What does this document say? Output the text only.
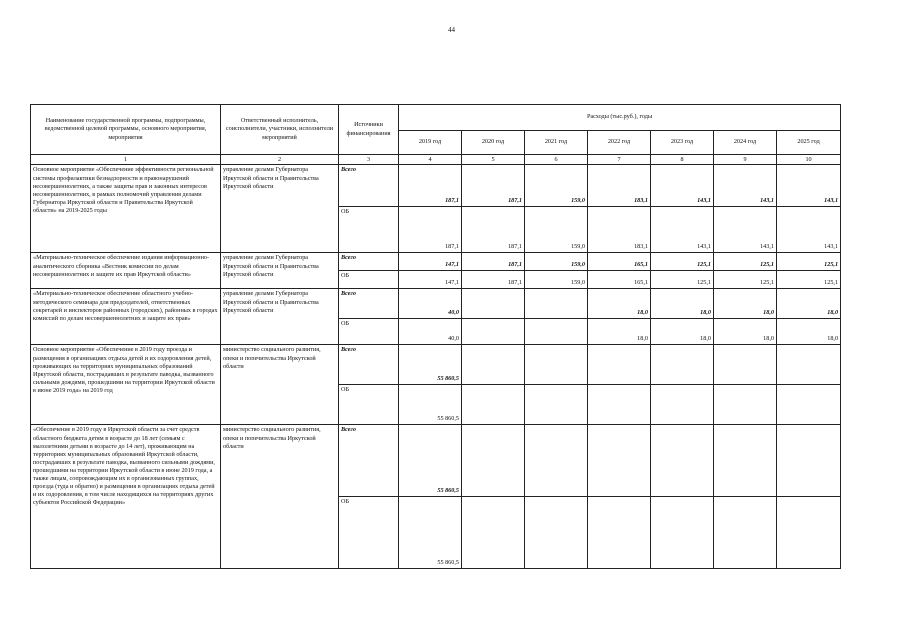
44
Наименование государственной программы, подпрограммы, ведомственной целевой программы, основного мероприятия, мероприятия	Ответственный исполнитель, соисполнители, участники, исполнители мероприятий	Источники финансирования	Расходы (тыс.руб.), годы						
			2019 год	2020 год	2021 год	2022 год	2023 год	2024 год	2025 год
1	2	3	4	5	6	7	8	9	10
Основное мероприятие «Обеспечение эффективности региональной системы профилактики безнадзорности и правонарушений несовершеннолетних, а также защиты прав и законных интересов несовершеннолетних, в рамках полномочий управления делами Губернатора Иркутской области и Правительства Иркутской области» на 2019-2025 годы	управление делами Губернатора Иркутской области и Правительства Иркутской области	Всего	187,1	187,1	159,0	183,1	143,1	143,1	143,1
		ОБ	187,1	187,1	159,0	183,1	143,1	143,1	143,1
«Материально-техническое обеспечение издания информационно-аналитического сборника «Вестник комиссии по делам несовершеннолетних и защите их прав Иркутской области»	управление делами Губернатора Иркутской области и Правительства Иркутской области	Всего	147,1	187,1	159,0	165,1	125,1	125,1	125,1
		ОБ	147,1	187,1	159,0	165,1	125,1	125,1	125,1
«Материально-техническое обеспечение областного учебно-методического семинара для председателей, ответственных секретарей и инспекторов районных (городских), районных в городах комиссий по делам несовершеннолетних и защите их прав»	управление делами Губернатора Иркутской области и Правительства Иркутской области	Всего	40,0			18,0	18,0	18,0	18,0
		ОБ	40,0			18,0	18,0	18,0	18,0
Основное мероприятие «Обеспечение в 2019 году проезда и размещения в организациях отдыха детей и их оздоровления детей, проживающих на территориях муниципальных образований Иркутской области, пострадавших в результате паводка, вызванного сильными дождями, прошедшими на территории Иркутской области в июне 2019 года» на 2019 год	министерство социального развития, опеки и попечительства Иркутской области	Всего	55 860,5						
		ОБ	55 860,5						
«Обеспечение в 2019 году в Иркутской области за счет средств областного бюджета детям в возрасте до 18 лет (семьям с малолетними детьми в возрасте до 14 лет), проживающим на территориях муниципальных образований Иркутской области, пострадавших в результате паводка, вызванного сильными дождями, прошедшими на территории Иркутской области в июне 2019 года, а также лицам, сопровождающим их в организованных группах, проезда (туда и обратно) и размещения в организациях отдыха детей и их оздоровления, в том числе находящихся на территориях других субъектов Российской Федерации»	министерство социального развития, опеки и попечительства Иркутской области	Всего	55 860,5						
		ОБ	55 860,5						
